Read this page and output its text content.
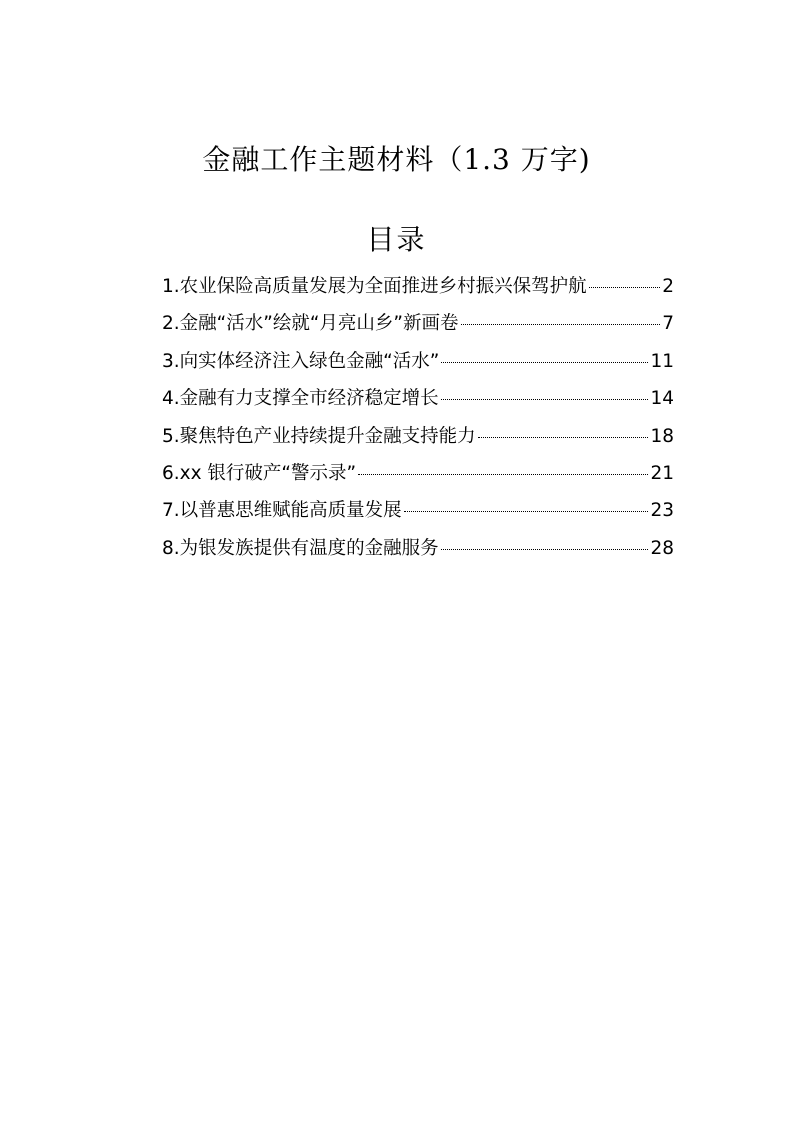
金融工作主题材料（1.3 万字)
目录
1.农业保险高质量发展为全面推进乡村振兴保驾护航	2
2.金融“活水”绘就“月亮山乡”新画卷	7
3.向实体经济注入绿色金融“活水”	11
4.金融有力支撑全市经济稳定增长	14
5.聚焦特色产业持续提升金融支持能力	18
6.xx 银行破产“警示录”	21
7.以普惠思维赋能高质量发展	23
8.为银发族提供有温度的金融服务	28
